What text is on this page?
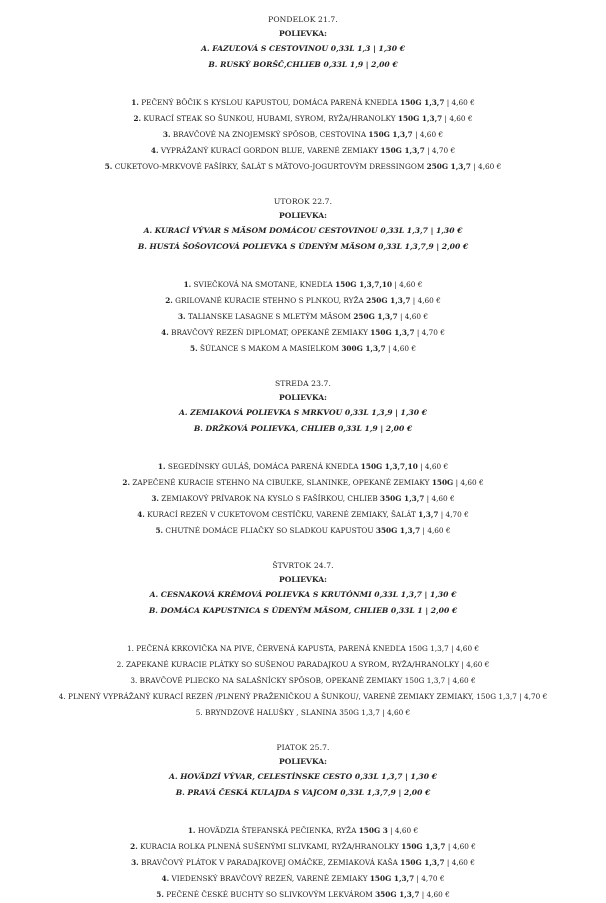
PONDELOK 21.7.
POLIEVKA:
A. FAZUĽOVÁ S CESTOVINOU 0,33L 1,3 | 1,30 €
B. RUSKÝ BORŠČ,CHLIEB 0,33L 1,9 | 2,00 €
1. PEČENÝ BÔČIK S KYSLOU KAPUSTOU, DOMÁCA PARENÁ KNEDĽA 150G 1,3,7 | 4,60 €
2. KURACÍ STEAK SO ŠUNKOU, HUBAMI, SYROM, RYŽA/HRANOLKY 150G 1,3,7 | 4,60 €
3. BRAVČOVÉ NA ZNOJEMSKÝ SPÔSOB, CESTOVINA 150G 1,3,7 | 4,60 €
4. VYPRÁŽANÝ KURACÍ GORDON BLUE, VARENÉ ZEMIAKY 150G 1,3,7 | 4,70 €
5. CUKETOVO-MRKVOVÉ FAŠÍRKY, ŠALÁT S MÄTOVO-JOGURTOVÝM DRESSINGOM 250G 1,3,7 | 4,60 €
UTOROK 22.7.
POLIEVKA:
A. KURACÍ VÝVAR S MÄSOM DOMÁCOU CESTOVINOU 0,33L 1,3,7 | 1,30 €
B. HUSTÁ ŠOŠOVICOVÁ POLIEVKA S ÚDENÝM MÄSOM 0,33L 1,3,7,9 | 2,00 €
1. SVIEČKOVÁ NA SMOTANE, KNEDĽA 150G 1,3,7,10 | 4,60 €
2. GRILOVANÉ KURACIE STEHNO S PLNKOU, RYŽA 250G 1,3,7 | 4,60 €
3. TALIANSKE LASAGNE S MLETÝM MÄSOM 250G 1,3,7 | 4,60 €
4. BRAVČOVÝ REZEŇ DIPLOMAT, OPEKANÉ ZEMIAKY 150G 1,3,7 | 4,70 €
5. ŠÚĽANCE S MAKOM A MASIELKOM 300G 1,3,7 | 4,60 €
STREDA 23.7.
POLIEVKA:
A. ZEMIAKOVÁ POLIEVKA S MRKVOU 0,33L 1,3,9 | 1,30 €
B. DRŽKOVÁ POLIEVKA, CHLIEB 0,33L 1,9 | 2,00 €
1. SEGEDÍNSKY GULÁŠ, DOMÁCA PARENÁ KNEDĽA 150G 1,3,7,10 | 4,60 €
2. ZAPEČENÉ KURACIE STEHNO NA CIBUĽKE, SLANINKE, OPEKANÉ ZEMIAKY 150G | 4,60 €
3. ZEMIAKOVÝ PRÍVAROK NA KYSLO S FAŠÍRKOU, CHLIEB 350G 1,3,7 | 4,60 €
4. KURACÍ REZEŇ V CUKETOVOM CESTÍČKU, VARENÉ ZEMIAKY, ŠALÁT 1,3,7 | 4,70 €
5. CHUTNÉ DOMÁCE FLIAČKY SO SLADKOU KAPUSTOU 350G 1,3,7 | 4,60 €
ŠTVRTOK 24.7.
POLIEVKA:
A. CESNAKOVÁ KRÉMOVÁ POLIEVKA S KRUTÓNMI 0,33L 1,3,7 | 1,30 €
B. DOMÁCA KAPUSTNICA S ÚDENÝM MÄSOM, CHLIEB 0,33L 1 | 2,00 €
1. PEČENÁ KRKOVIČKA NA PIVE, ČERVENÁ KAPUSTA, PARENÁ KNEDĽA 150G 1,3,7 | 4,60 €
2. ZAPEKANÉ KURACIE PLÁTKY SO SUŠENOU PARADAJKOU A SYROM, RYŽA/HRANOLKY | 4,60 €
3. BRAVČOVÉ PLIECKO NA SALAŠNÍCKY SPÔSOB, OPEKANÉ ZEMIAKY 150G 1,3,7 | 4,60 €
4. PLNENÝ VYPRÁŽANÝ KURACÍ REZEŇ /PLNENÝ PRAŽENIČKOU A ŠUNKOU/, VARENÉ ZEMIAKY ZEMIAKY, 150G 1,3,7 | 4,70 €
5. BRYNDZOVÉ HALUŠKY , SLANINA 350G 1,3,7 | 4,60 €
PIATOK 25.7.
POLIEVKA:
A. HOVÄDZÍ VÝVAR, CELESTÍNSKE CESTO 0,33L 1,3,7 | 1,30 €
B. PRAVÁ ČESKÁ KULAJDA S VAJCOM 0,33L 1,3,7,9 | 2,00 €
1. HOVÄDZIA ŠTEFANSKÁ PEČIENKA, RYŽA 150G 3 | 4,60 €
2. KURACIA ROLKA PLNENÁ SUŠENÝMI SLIVKAMI, RYŽA/HRANOLKY 150G 1,3,7 | 4,60 €
3. BRAVČOVÝ PLÁTOK V PARADAJKOVEJ OMÁČKE, ZEMIAKOVÁ KAŠA 150G 1,3,7 | 4,60 €
4. VIEDENSKÝ BRAVČOVÝ REZEŇ, VARENÉ ZEMIAKY 150G 1,3,7 | 4,70 €
5. PEČENÉ ČESKÉ BUCHTY SO SLIVKOVÝM LEKVÁROM 350G 1,3,7 | 4,60 €
